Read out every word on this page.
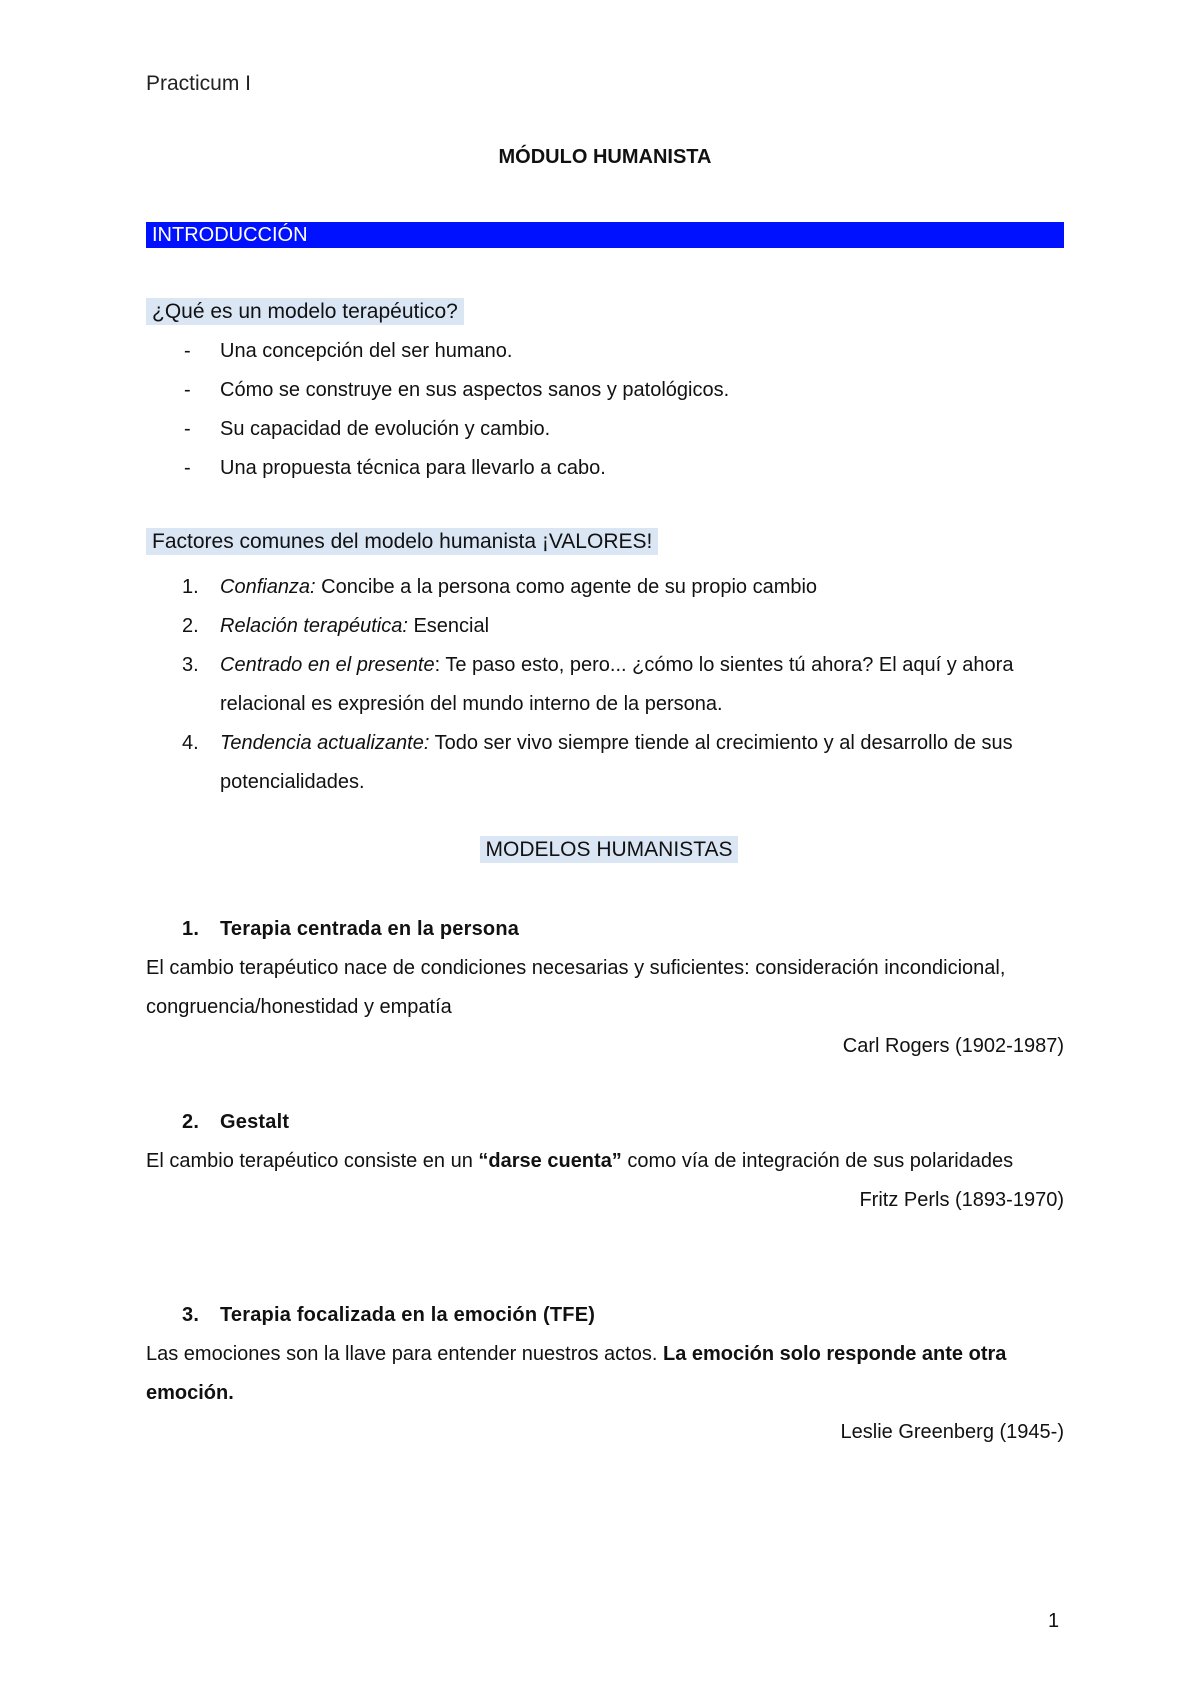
Practicum I
MÓDULO HUMANISTA
INTRODUCCIÓN
¿Qué es un modelo terapéutico?
- Una concepción del ser humano.
- Cómo se construye en sus aspectos sanos y patológicos.
- Su capacidad de evolución y cambio.
- Una propuesta técnica para llevarlo a cabo.
Factores comunes del modelo humanista ¡VALORES!
1. Confianza: Concibe a la persona como agente de su propio cambio
2. Relación terapéutica: Esencial
3. Centrado en el presente: Te paso esto, pero... ¿cómo lo sientes tú ahora? El aquí y ahora relacional es expresión del mundo interno de la persona.
4. Tendencia actualizante: Todo ser vivo siempre tiende al crecimiento y al desarrollo de sus potencialidades.
MODELOS HUMANISTAS
1. Terapia centrada en la persona
El cambio terapéutico nace de condiciones necesarias y suficientes: consideración incondicional, congruencia/honestidad y empatía
Carl Rogers (1902-1987)
2. Gestalt
El cambio terapéutico consiste en un “darse cuenta” como vía de integración de sus polaridades
Fritz Perls (1893-1970)
3. Terapia focalizada en la emoción (TFE)
Las emociones son la llave para entender nuestros actos. La emoción solo responde ante otra emoción.
Leslie Greenberg (1945-)
1
